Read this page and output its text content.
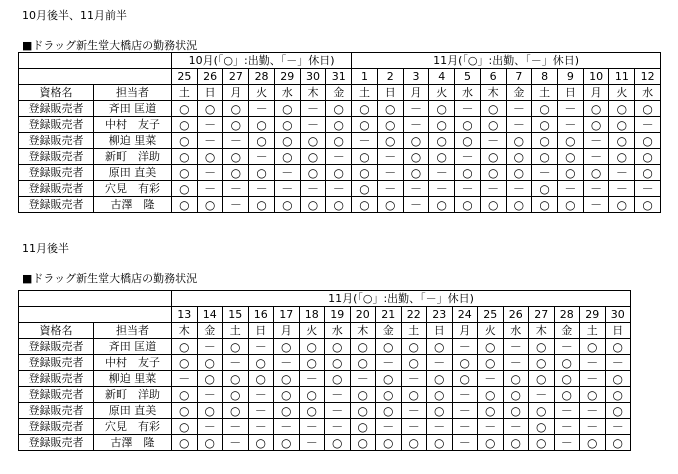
10月後半、11月前半
■ドラッグ新生堂大橋店の勤務状況
		10月(「○」:出勤、「－」休日)							11月(「○」:出勤、「－」休日)											
		25	26	27	28	29	30	31	1	2	3	4	5	6	7	8	9	10	11	12
資格名	担当者	土	日	月	火	水	木	金	土	日	月	火	水	木	金	土	日	月	火	水
登録販売者	斉田 匡道	○	○	○	－	○	－	○	○	○	－	○	－	○	－	○	－	○	○	○
登録販売者	中村　友子	○	－	○	○	○	－	○	○	○	－	○	○	○	－	○	－	○	○	－
登録販売者	柳迫 里菜	○	－	－	○	○	○	○	－	○	○	○	○	－	○	○	○	－	○	○
登録販売者	新町　洋助	○	○	○	－	○	○	－	○	－	○	○	－	○	○	○	○	－	○	○
登録販売者	原田 直美	○	－	○	○	－	○	○	○	－	○	－	○	○	○	－	○	○	－	○
登録販売者	穴見　有彩	○	－	－	－	－	－	－	○	－	－	－	－	－	－	○	－	－	－	－
登録販売者	古澤　隆	○	○	－	○	○	○	○	○	○	－	○	○	○	○	○	○	－	○	○
11月後半
■ドラッグ新生堂大橋店の勤務状況
		11月(「○」:出勤、「－」休日)																	
		13	14	15	16	17	18	19	20	21	22	23	24	25	26	27	28	29	30
資格名	担当者	木	金	土	日	月	火	水	木	金	土	日	月	火	水	木	金	土	日
登録販売者	斉田 匡道	○	－	○	－	○	○	○	○	○	○	○	－	○	－	○	－	○	○
登録販売者	中村　友子	○	○	－	○	－	○	○	○	－	○	－	○	○	－	○	○	－	－
登録販売者	柳迫 里菜	－	○	○	○	○	－	○	－	○	－	○	○	－	○	○	○	－	○
登録販売者	新町　洋助	○	－	○	－	○	○	－	○	○	○	○	－	○	○	－	○	○	○
登録販売者	原田 直美	○	○	○	－	○	○	－	○	○	－	○	－	○	○	○	－	－	○
登録販売者	穴見　有彩	○	－	－	－	－	－	－	○	－	－	－	－	－	－	○	－	－	－
登録販売者	古澤　隆	○	○	－	○	○	－	○	○	○	○	○	－	○	○	○	－	○	○
